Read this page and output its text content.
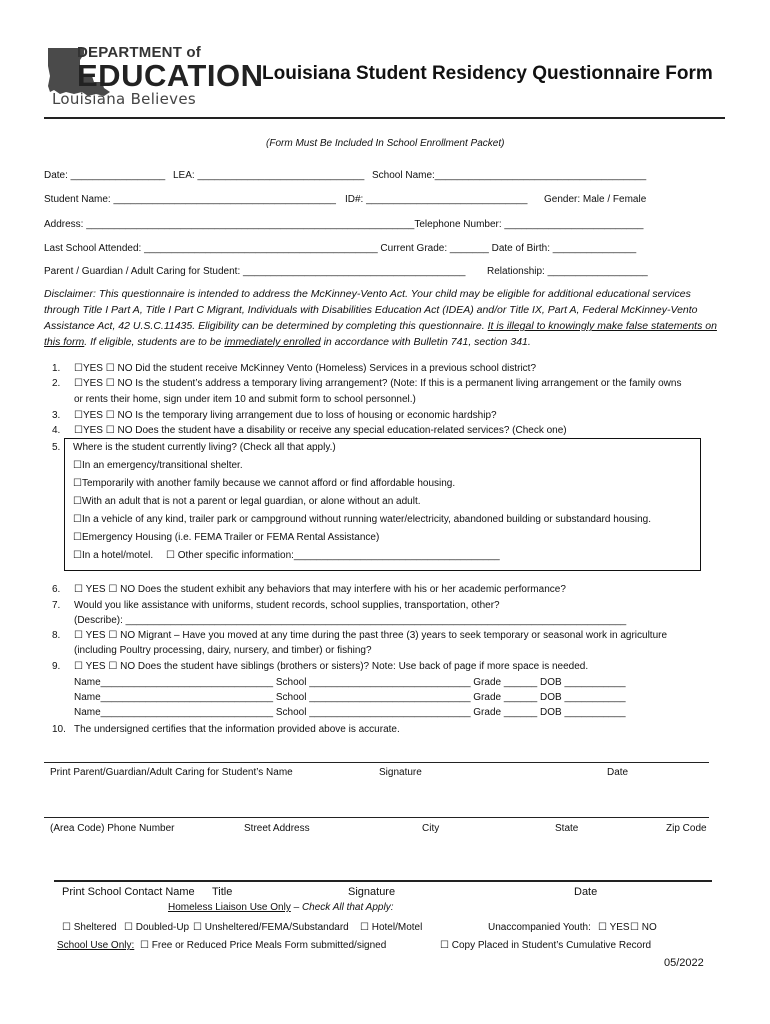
DEPARTMENT of
EDUCATION
Louisiana Believes
Louisiana Student Residency Questionnaire Form
(Form Must Be Included In School Enrollment Packet)
Date: _________________ LEA: ______________________________ School Name:______________________________________
Student Name: ________________________________________ ID#: _____________________________ Gender: Male / Female
Address: ___________________________________________________________Telephone Number: _________________________
Last School Attended: __________________________________________ Current Grade: _______ Date of Birth: _______________
Parent / Guardian / Adult Caring for Student: ________________________________________ Relationship: __________________
Disclaimer: This questionnaire is intended to address the McKinney-Vento Act. Your child may be eligible for additional educational services through Title I Part A, Title I Part C Migrant, Individuals with Disabilities Education Act (IDEA) and/or Title IX, Part A, Federal McKinney-Vento Assistance Act, 42 U.S.C.11435. Eligibility can be determined by completing this questionnaire. It is illegal to knowingly make false statements on this form. If eligible, students are to be immediately enrolled in accordance with Bulletin 741, section 341.
1. ☐YES ☐ NO Did the student receive McKinney Vento (Homeless) Services in a previous school district?
2. ☐YES ☐ NO Is the student’s address a temporary living arrangement? (Note: If this is a permanent living arrangement or the family owns
or rents their home, sign under item 10 and submit form to school personnel.)
3. ☐YES ☐ NO Is the temporary living arrangement due to loss of housing or economic hardship?
4. ☐YES ☐ NO Does the student have a disability or receive any special education-related services? (Check one)
5. Where is the student currently living? (Check all that apply.)
☐In an emergency/transitional shelter.
☐Temporarily with another family because we cannot afford or find affordable housing.
☐With an adult that is not a parent or legal guardian, or alone without an adult.
☐In a vehicle of any kind, trailer park or campground without running water/electricity, abandoned building or substandard housing.
☐Emergency Housing (i.e. FEMA Trailer or FEMA Rental Assistance)
☐In a hotel/motel. ☐ Other specific information:_____________________________________
6. ☐ YES ☐ NO Does the student exhibit any behaviors that may interfere with his or her academic performance?
7. Would you like assistance with uniforms, student records, school supplies, transportation, other?
(Describe): __________________________________________________________________________________________
8. ☐ YES ☐ NO Migrant – Have you moved at any time during the past three (3) years to seek temporary or seasonal work in agriculture
(including Poultry processing, dairy, nursery, and timber) or fishing?
9. ☐ YES ☐ NO Does the student have siblings (brothers or sisters)? Note: Use back of page if more space is needed.
Name_______________________________ School _____________________________ Grade ______ DOB ___________
Name_______________________________ School _____________________________ Grade ______ DOB ___________
Name_______________________________ School _____________________________ Grade ______ DOB ___________
10. The undersigned certifies that the information provided above is accurate.
Print Parent/Guardian/Adult Caring for Student’s Name	Signature	Date
(Area Code) Phone Number	Street Address	City	State	Zip Code
Print School Contact Name Title	Signature	Date
Homeless Liaison Use Only – Check All that Apply:
☐ Sheltered ☐ Doubled-Up ☐ Unsheltered/FEMA/Substandard ☐ Hotel/Motel	Unaccompanied Youth: ☐ YES ☐ NO
School Use Only: ☐ Free or Reduced Price Meals Form submitted/signed	☐ Copy Placed in Student’s Cumulative Record
05/2022
